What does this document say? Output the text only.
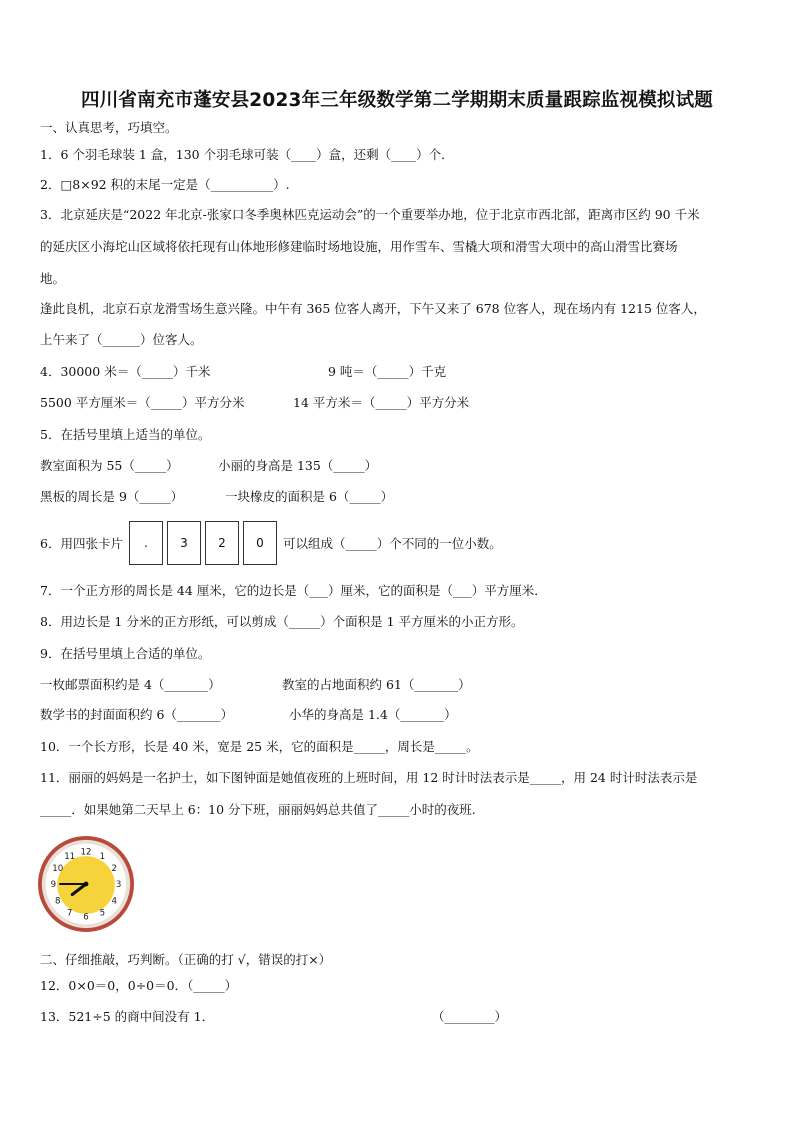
四川省南充市蓬安县2023年三年级数学第二学期期末质量跟踪监视模拟试题
一、认真思考，巧填空。
1．6 个羽毛球装 1 盒，130 个羽毛球可装（____）盒，还剩（____）个．
2．□8×92 积的末尾一定是（__________）.
3．北京延庆是“2022 年北京-张家口冬季奥林匹克运动会”的一个重要举办地，位于北京市西北部，距离市区约 90 千米
的延庆区小海坨山区域将依托现有山体地形修建临时场地设施，用作雪车、雪橇大项和滑雪大项中的高山滑雪比赛场
地。
逢此良机，北京石京龙滑雪场生意兴隆。中午有 365 位客人离开，下午又来了 678 位客人，现在场内有 1215 位客人，
上午来了（______）位客人。
4．30000 米＝（_____）千米	9 吨＝（_____）千克
5500 平方厘米＝（_____）平方分米	14 平方米＝（_____）平方分米
5．在括号里填上适当的单位。
教室面积为 55（_____）	小丽的身高是 135（_____）
黑板的周长是 9（_____）	一块橡皮的面积是 6（_____）
6．用四张卡片	.	3	2	0	可以组成（_____）个不同的一位小数。
7．一个正方形的周长是 44 厘米，它的边长是（___）厘米，它的面积是（___）平方厘米．
8．用边长是 1 分米的正方形纸，可以剪成（_____）个面积是 1 平方厘米的小正方形。
9．在括号里填上合适的单位。
一枚邮票面积约是 4（_______）	教室的占地面积约 61（_______）
数学书的封面面积约 6（_______）	小华的身高是 1.4（_______）
10．一个长方形，长是 40 米，宽是 25 米，它的面积是_____，周长是_____。
11．丽丽的妈妈是一名护士，如下图钟面是她值夜班的上班时间，用 12 时计时法表示是_____，用 24 时计时法表示是
_____．如果她第二天早上 6：10 分下班，丽丽妈妈总共值了_____小时的夜班.
12 1
2
3
4
5
6
7
8
9
10
11
二、仔细推敲，巧判断。（正确的打 √，错误的打×）
12．0×0＝0，0÷0＝0．（_____）
13．521÷5 的商中间没有 1．	（________）
